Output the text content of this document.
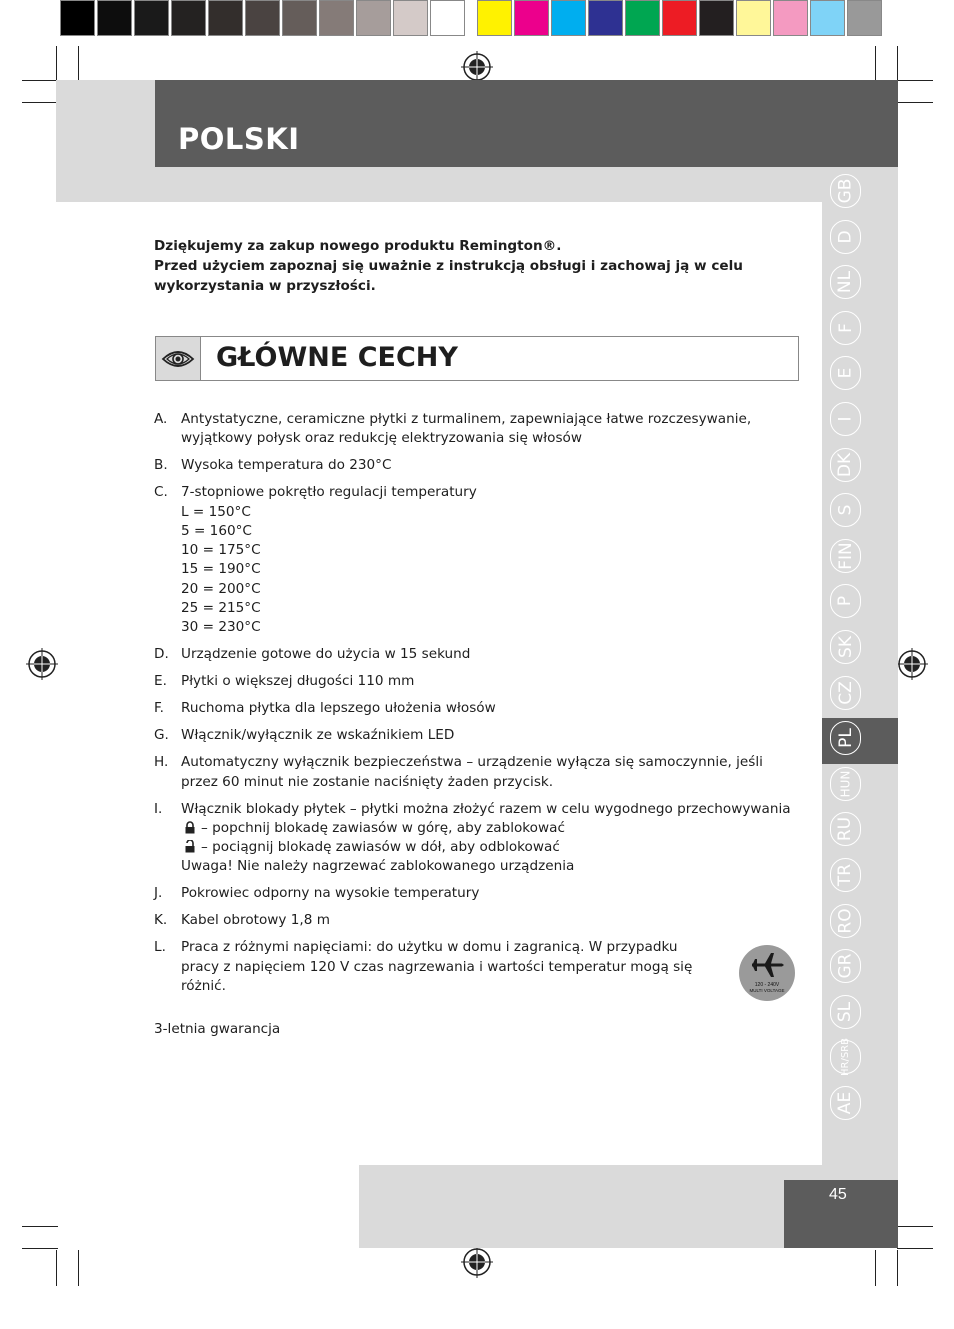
POLSKI
GB
D
NL
F
E
I
DK
S
FIN
P
SK
CZ
PL
HUN
RU
TR
RO
GR
SL
HR/SRB
AE
Dziękujemy za zakup nowego produktu Remington®.
Przed użyciem zapoznaj się uważnie z instrukcją obsługi i zachowaj ją w celu wykorzystania w przyszłości.
GŁÓWNE CECHY
A. Antystatyczne, ceramiczne płytki z turmalinem, zapewniające łatwe rozczesywanie, wyjątkowy połysk oraz redukcję elektryzowania się włosów
B. Wysoka temperatura do 230°C
C. 7-stopniowe pokrętło regulacji temperatury
L = 150°C
5 = 160°C
10 = 175°C
15 = 190°C
20 = 200°C
25 = 215°C
30 = 230°C
D. Urządzenie gotowe do użycia w 15 sekund
E. Płytki o większej długości 110 mm
F. Ruchoma płytka dla lepszego ułożenia włosów
G. Włącznik/wyłącznik ze wskaźnikiem LED
H. Automatyczny wyłącznik bezpieczeństwa – urządzenie wyłącza się samoczynnie, jeśli przez 60 minut nie zostanie naciśnięty żaden przycisk.
I. Włącznik blokady płytek – płytki można złożyć razem w celu wygodnego przechowywania
– popchnij blokadę zawiasów w górę, aby zablokować
– pociągnij blokadę zawiasów w dół, aby odblokować
Uwaga! Nie należy nagrzewać zablokowanego urządzenia
J. Pokrowiec odporny na wysokie temperatury
K. Kabel obrotowy 1,8 m
L. Praca z różnymi napięciami: do użytku w domu i zagranicą. W przypadku pracy z napięciem 120 V czas nagrzewania i wartości temperatur mogą się różnić.	120 - 240V
MULTI VOLTAGE
3-letnia gwarancja
45
